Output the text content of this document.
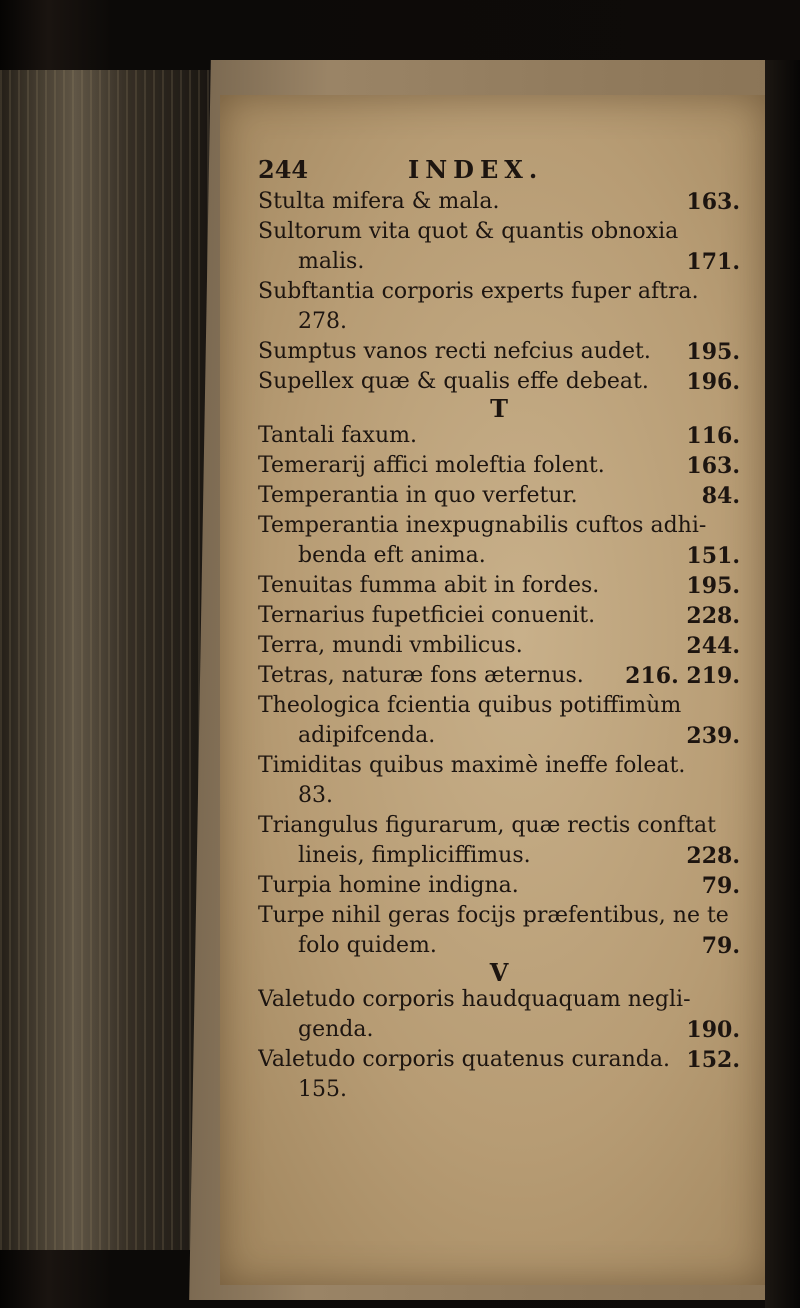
244	INDEX.
Stulta mifera & mala.	163.
Sultorum vita quot & quantis obnoxia
malis.	171.
Subftantia corporis experts fuper aftra.
278.
Sumptus vanos recti nefcius audet. 195.
Supellex quæ & qualis effe debeat. 196.
T
Tantali faxum.	116.
Temerarij affici moleftia folent.	163.
Temperantia in quo verfetur.	84.
Temperantia inexpugnabilis cuftos adhi-
benda eft anima.	151.
Tenuitas fumma abit in fordes.	195.
Ternarius fupetficiei conuenit.	228.
Terra, mundi vmbilicus.	244.
Tetras, naturæ fons æternus. 216. 219.
Theologica fcientia quibus potiffimùm
adipifcenda.	239.
Timiditas quibus maximè ineffe foleat.
83.
Triangulus figurarum, quæ rectis conftat
lineis, fimpliciffimus.	228.
Turpia homine indigna.	79.
Turpe nihil geras focijs præfentibus, ne te
folo quidem.	79.
V
Valetudo corporis haudquaquam negli-
genda.	190.
Valetudo corporis quatenus curanda. 152.
155.
